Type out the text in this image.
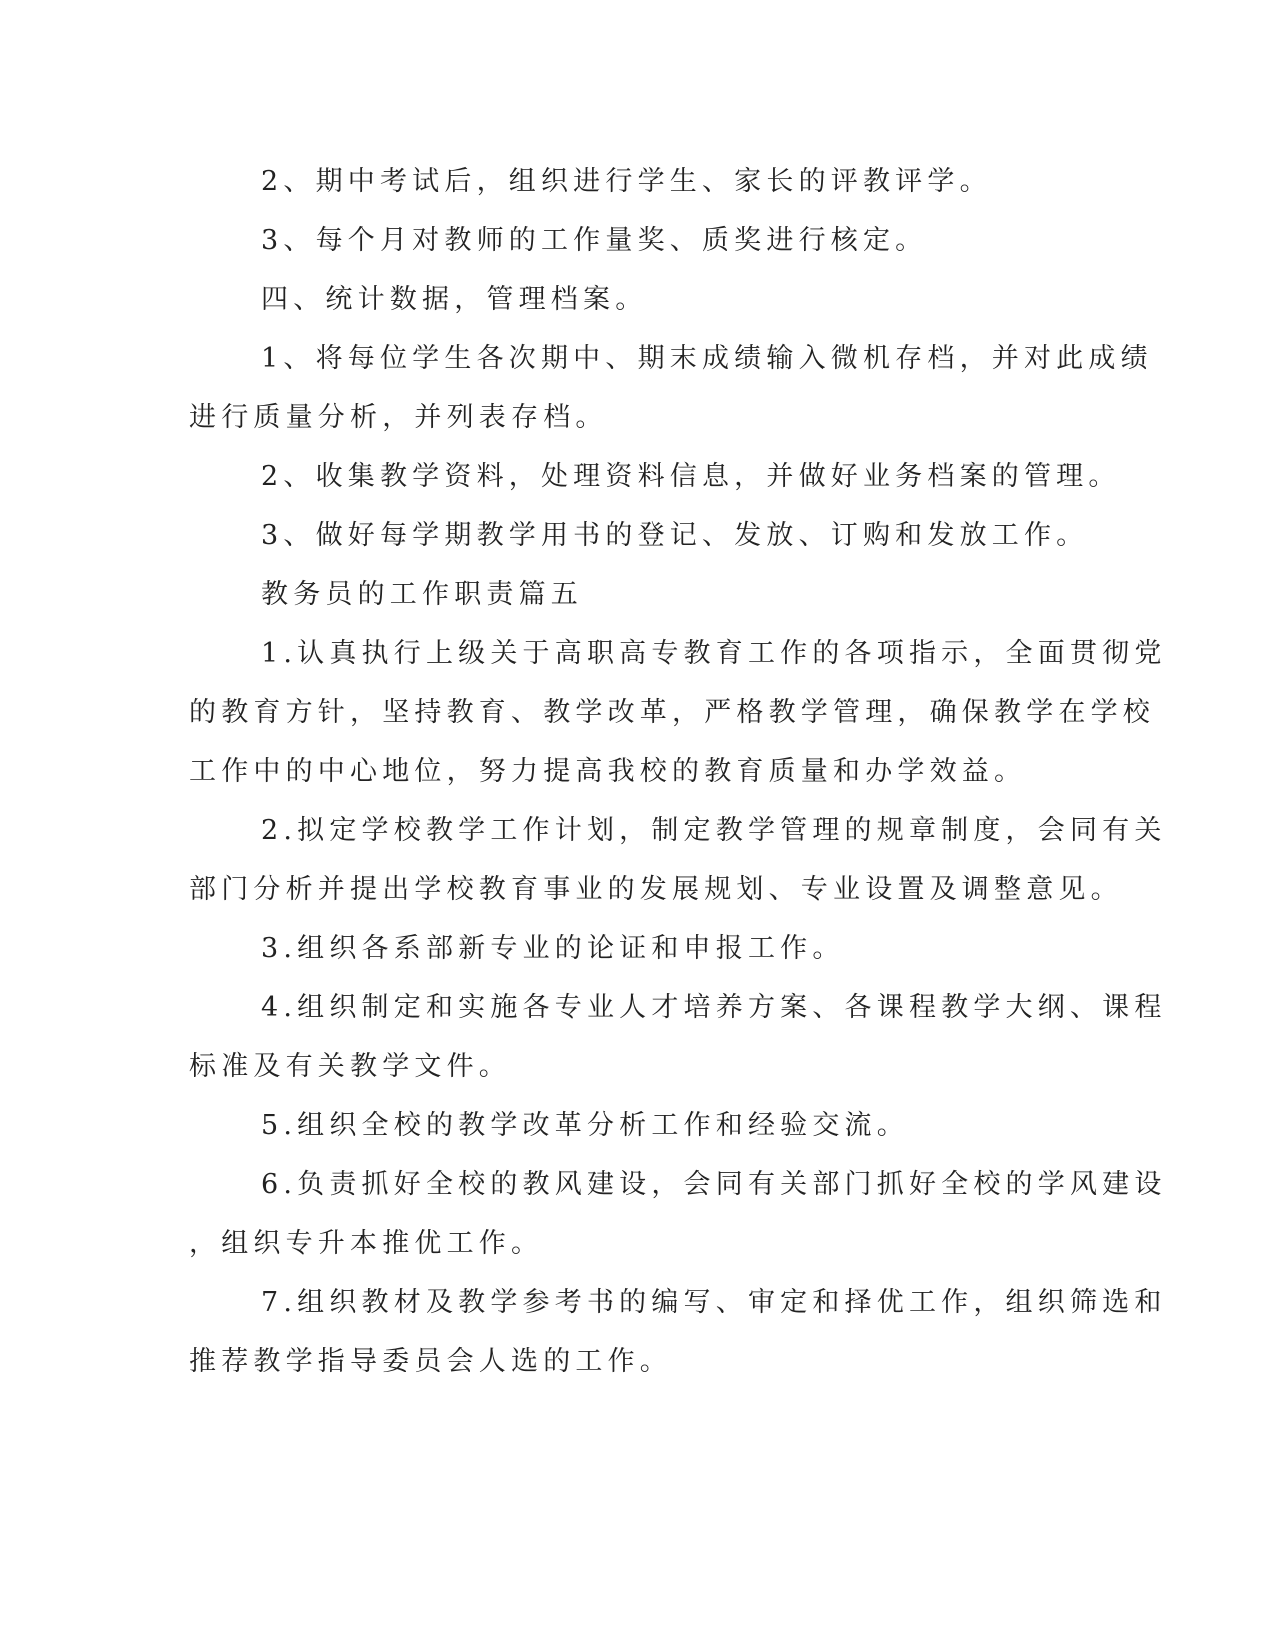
2、期中考试后，组织进行学生、家长的评教评学。
3、每个月对教师的工作量奖、质奖进行核定。
四、统计数据，管理档案。
1、将每位学生各次期中、期末成绩输入微机存档，并对此成绩
进行质量分析，并列表存档。
2、收集教学资料，处理资料信息，并做好业务档案的管理。
3、做好每学期教学用书的登记、发放、订购和发放工作。
教务员的工作职责篇五
1.认真执行上级关于高职高专教育工作的各项指示，全面贯彻党
的教育方针，坚持教育、教学改革，严格教学管理，确保教学在学校
工作中的中心地位，努力提高我校的教育质量和办学效益。
2.拟定学校教学工作计划，制定教学管理的规章制度，会同有关
部门分析并提出学校教育事业的发展规划、专业设置及调整意见。
3.组织各系部新专业的论证和申报工作。
4.组织制定和实施各专业人才培养方案、各课程教学大纲、课程
标准及有关教学文件。
5.组织全校的教学改革分析工作和经验交流。
6.负责抓好全校的教风建设，会同有关部门抓好全校的学风建设
，组织专升本推优工作。
7.组织教材及教学参考书的编写、审定和择优工作，组织筛选和
推荐教学指导委员会人选的工作。
